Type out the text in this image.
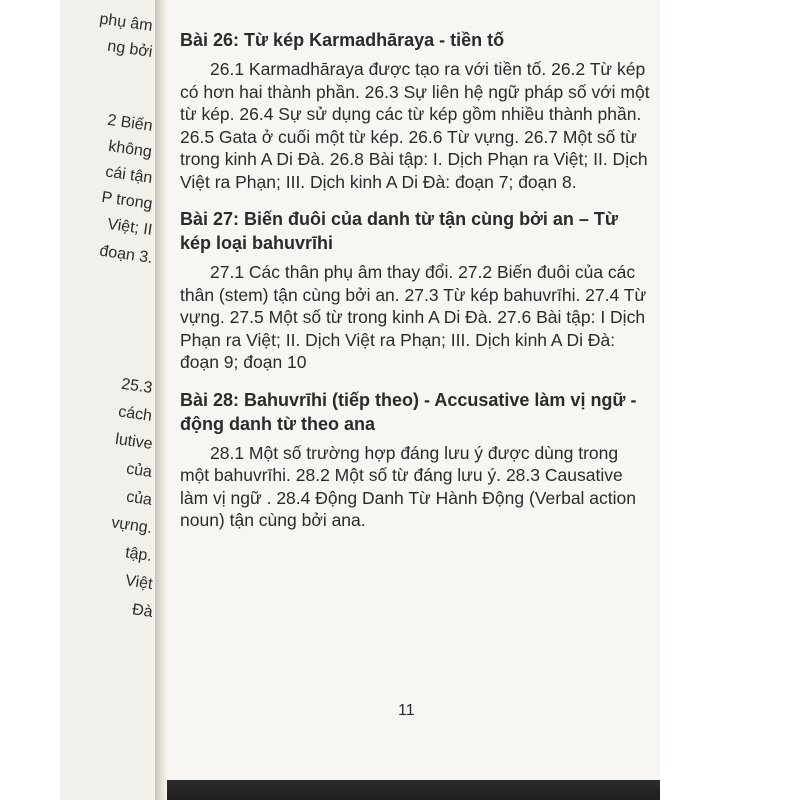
phụ âm
ng bởi
2 Biến
không
cái tận
P trong
Việt; II
đoạn 3.
25.3
cách
lutive
của
của
vựng.
tập.
Việt
Đà

Bài 26: Từ kép Karmadhāraya - tiền tố

26.1 Karmadhāraya được tạo ra với tiền tố. 26.2 Từ kép có hơn hai thành phần. 26.3 Sự liên hệ ngữ pháp số với một từ kép. 26.4 Sự sử dụng các từ kép gồm nhiều thành phần. 26.5 Gata ở cuối một từ kép. 26.6 Từ vựng. 26.7 Một số từ trong kinh A Di Đà. 26.8 Bài tập: I. Dịch Phạn ra Việt; II. Dịch Việt ra Phạn; III. Dịch kinh A Di Đà: đoạn 7; đoạn 8.

Bài 27: Biến đuôi của danh từ tận cùng bởi an – Từ kép loại bahuvrīhi

27.1 Các thân phụ âm thay đổi. 27.2 Biến đuôi của các thân (stem) tận cùng bởi an. 27.3 Từ kép bahuvrīhi. 27.4 Từ vựng. 27.5 Một số từ trong kinh A Di Đà. 27.6 Bài tập: I Dịch Phạn ra Việt; II. Dịch Việt ra Phạn; III. Dịch kinh A Di Đà: đoạn 9; đoạn 10

Bài 28: Bahuvrīhi (tiếp theo) - Accusative làm vị ngữ - động danh từ theo ana

28.1 Một số trường hợp đáng lưu ý được dùng trong một bahuvrīhi. 28.2 Một số từ đáng lưu ý. 28.3 Causative làm vị ngữ . 28.4 Động Danh Từ Hành Động (Verbal action noun) tận cùng bởi ana.

11
